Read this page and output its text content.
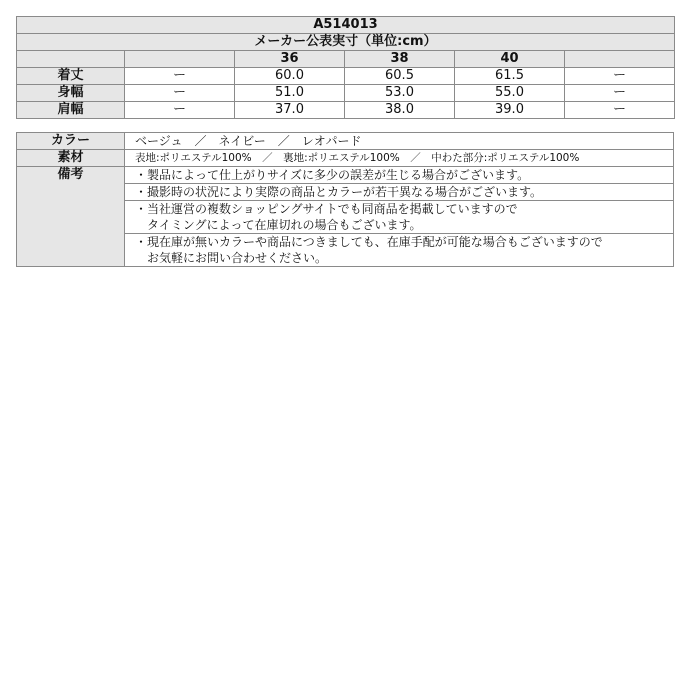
A514013					
メーカー公表実寸（単位:cm）					
		36	38	40	
着丈	ー	60.0	60.5	61.5	ー
身幅	ー	51.0	53.0	55.0	ー
肩幅	ー	37.0	38.0	39.0	ー
カラー	ベージュ　／　ネイビー　／　レオパード
素材	表地:ポリエステル100%　／　裏地:ポリエステル100%　／　中わた部分:ポリエステル100%
備考	・製品によって仕上がりサイズに多少の誤差が生じる場合がございます。

	・撮影時の状況により実際の商品とカラーが若干異なる場合がございます。

	・当社運営の複数ショッピングサイトでも同商品を掲載していますので
　タイミングによって在庫切れの場合もございます。

	・現在庫が無いカラーや商品につきましても、在庫手配が可能な場合もございますので
　お気軽にお問い合わせください。
